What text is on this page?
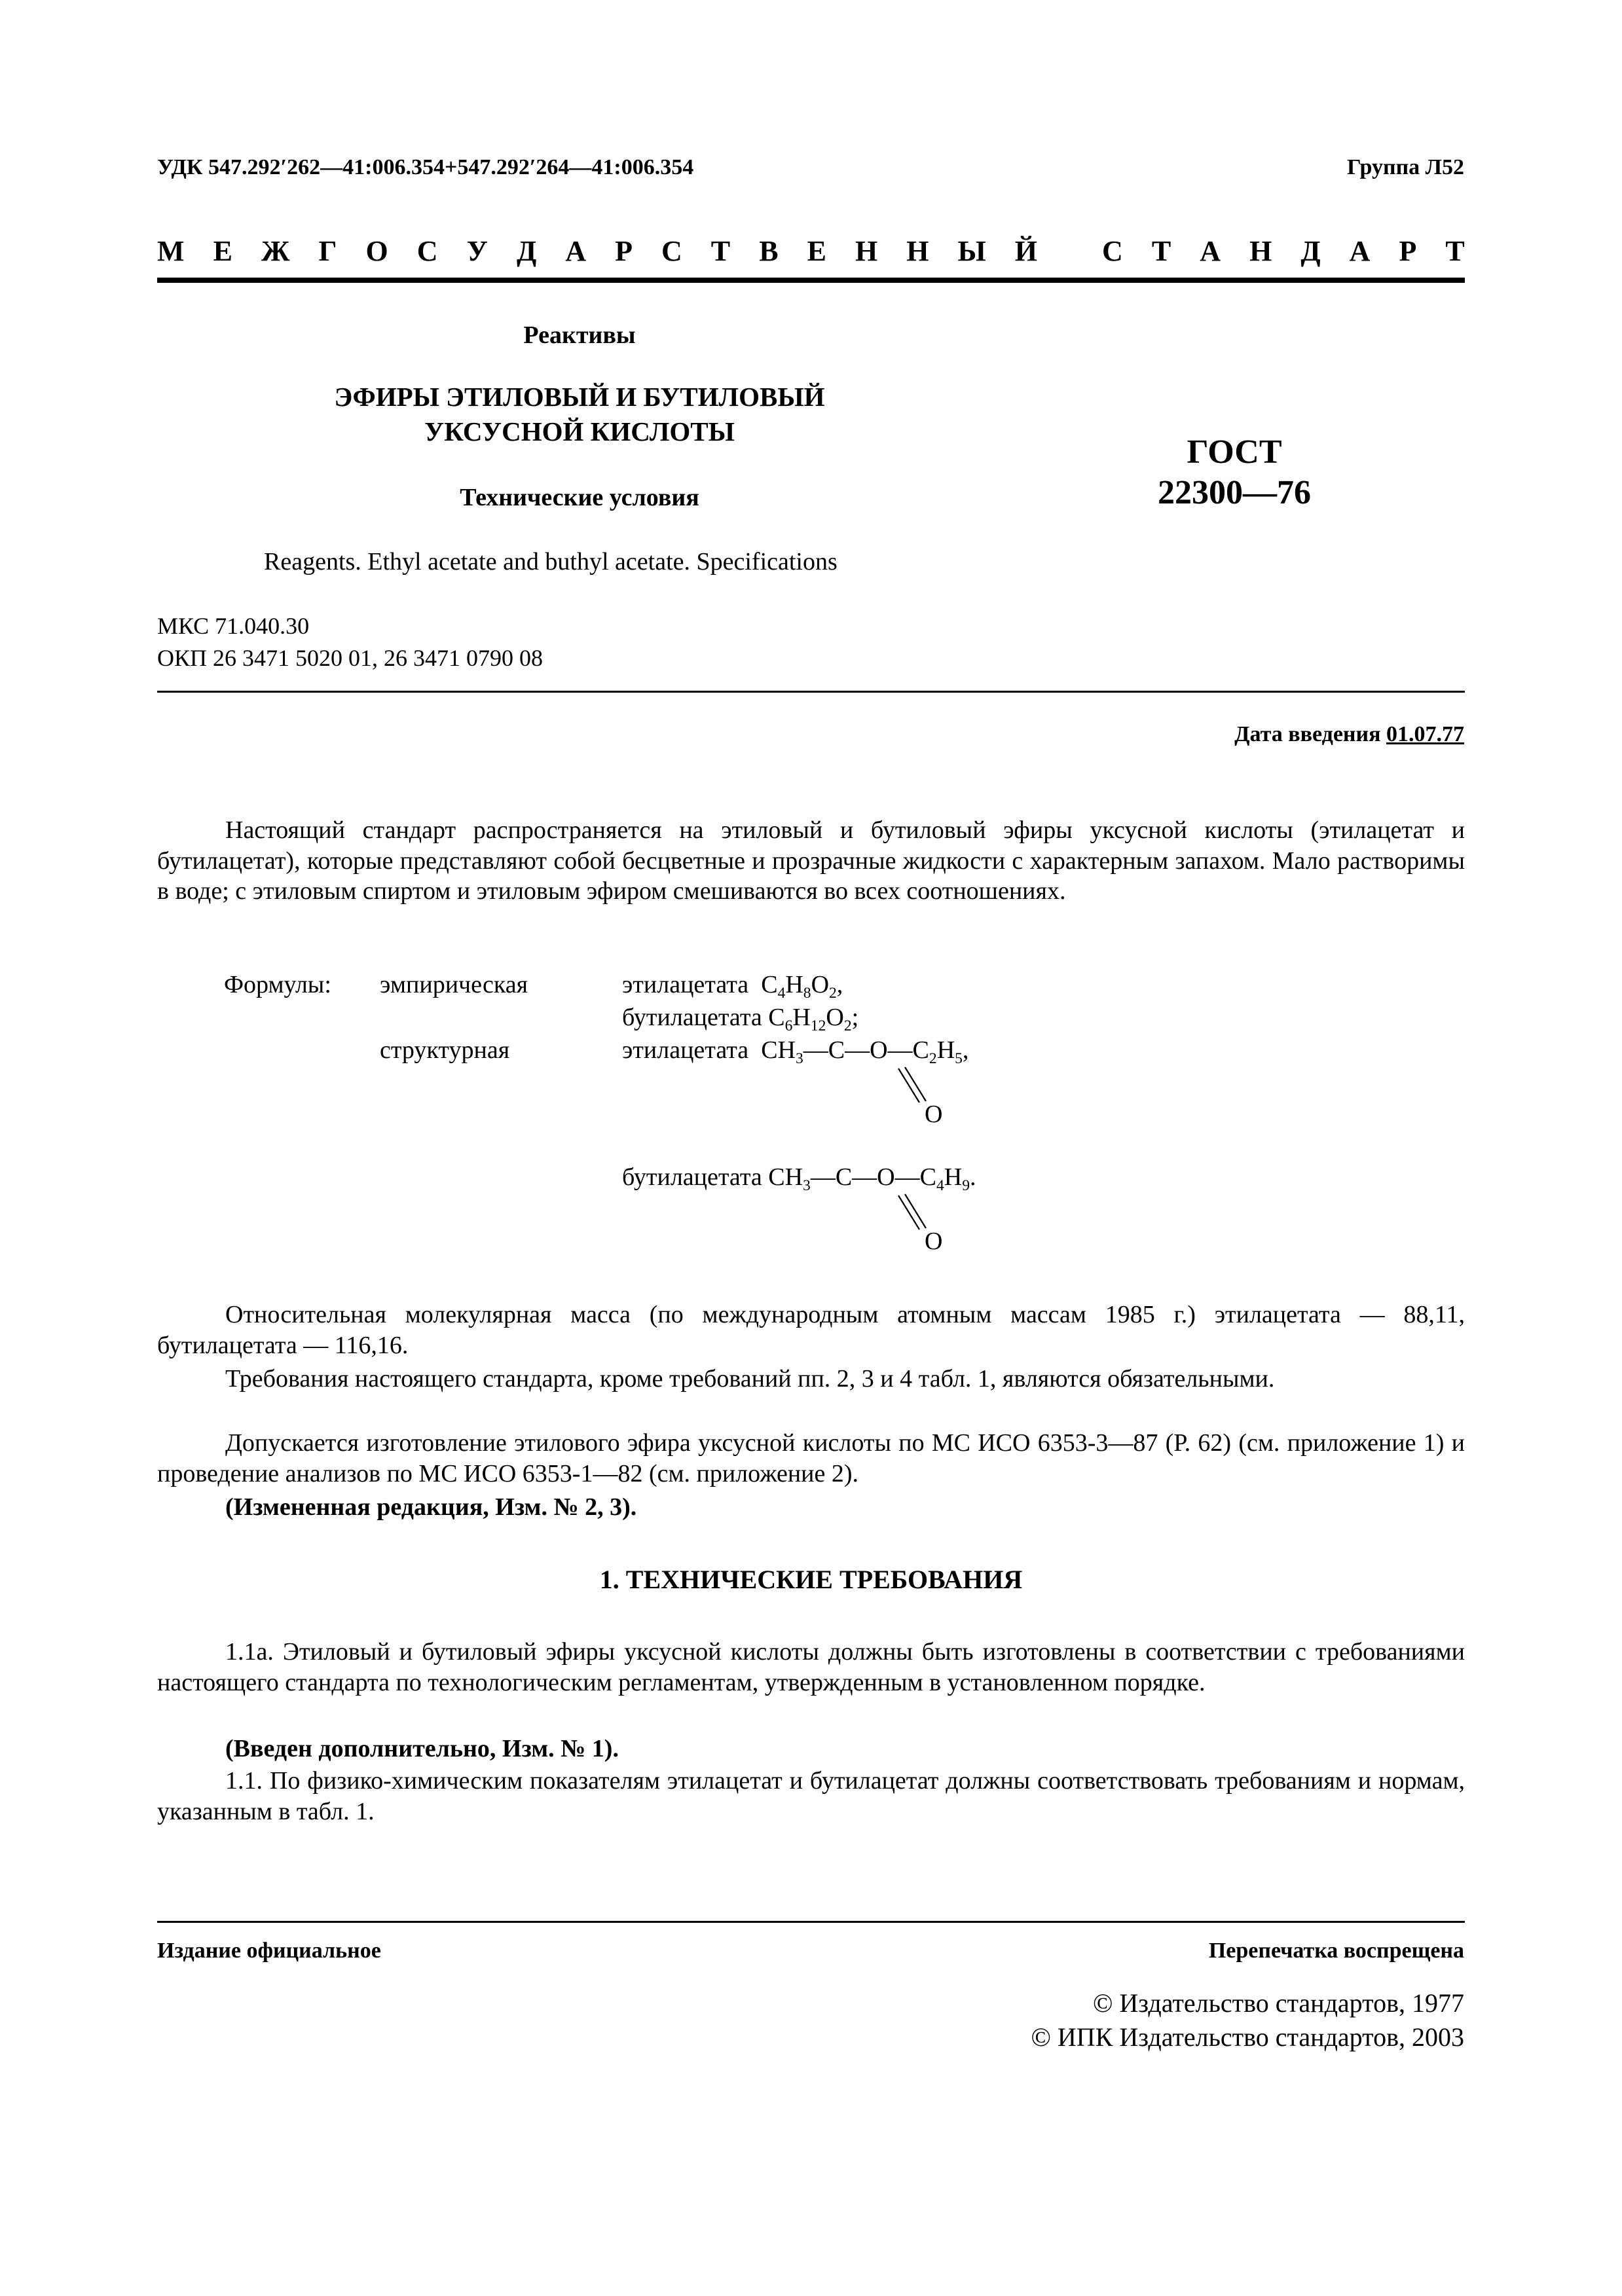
УДК 547.292′262—41:006.354+547.292′264—41:006.354	Группа Л52
М Е Ж Г О С У Д А Р С Т В Е Н Н Ы Й
С Т А Н Д А Р Т
Реактивы
ЭФИРЫ ЭТИЛОВЫЙ И БУТИЛОВЫЙ
УКСУСНОЙ КИСЛОТЫ
Технические условия
ГОСТ
22300—76
Reagents. Ethyl acetate and buthyl acetate. Specifications
МКС 71.040.30
ОКП 26 3471 5020 01, 26 3471 0790 08
Дата введения 01.07.77
Настоящий стандарт распространяется на этиловый и бутиловый эфиры уксусной кислоты (этилацетат и бутилацетат), которые представляют собой бесцветные и прозрачные жидкости с характерным запахом. Мало растворимы в воде; с этиловым спиртом и этиловым эфиром смешиваются во всех соотношениях.
Формулы: эмпирическая
структурная
этилацетата  $C_4H_8O_2$,
бутилацетата $C_6H_{12}O_2$;
этилацетата  $CH_3—C—O—C_2H_5$,
O
бутилацетата $CH_3—C—O—C_4H_9$.
O
Относительная молекулярная масса (по международным атомным массам 1985 г.) этилацетата — 88,11, бутилацетата — 116,16.
Требования настоящего стандарта, кроме требований пп. 2, 3 и 4 табл. 1, являются обязательными.
Допускается изготовление этилового эфира уксусной кислоты по МС ИСО 6353-3—87 (Р. 62) (см. приложение 1) и проведение анализов по МС ИСО 6353-1—82 (см. приложение 2).
(Измененная редакция, Изм. № 2, 3).
1. ТЕХНИЧЕСКИЕ ТРЕБОВАНИЯ
1.1а. Этиловый и бутиловый эфиры уксусной кислоты должны быть изготовлены в соответствии с требованиями настоящего стандарта по технологическим регламентам, утвержденным в установленном порядке.
(Введен дополнительно, Изм. № 1).
1.1. По физико-химическим показателям этилацетат и бутилацетат должны соответствовать требованиям и нормам, указанным в табл. 1.
Издание официальное	Перепечатка воспрещена
© Издательство стандартов, 1977
© ИПК Издательство стандартов, 2003
